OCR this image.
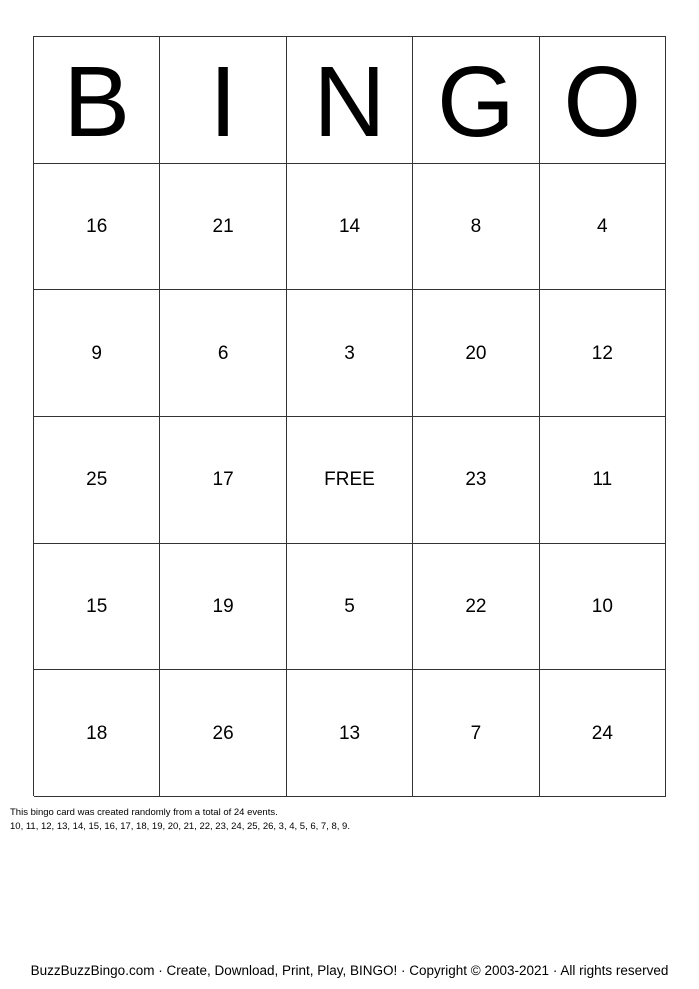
B I N G O
16	21	14	8	4
9	6	3	20	12
25	17	FREE	23	11
15	19	5	22	10
18	26	13	7	24
This bingo card was created randomly from a total of 24 events.
10, 11, 12, 13, 14, 15, 16, 17, 18, 19, 20, 21, 22, 23, 24, 25, 26, 3, 4, 5, 6, 7, 8, 9.
BuzzBuzzBingo.com · Create, Download, Print, Play, BINGO! · Copyright © 2003-2021 · All rights reserved
